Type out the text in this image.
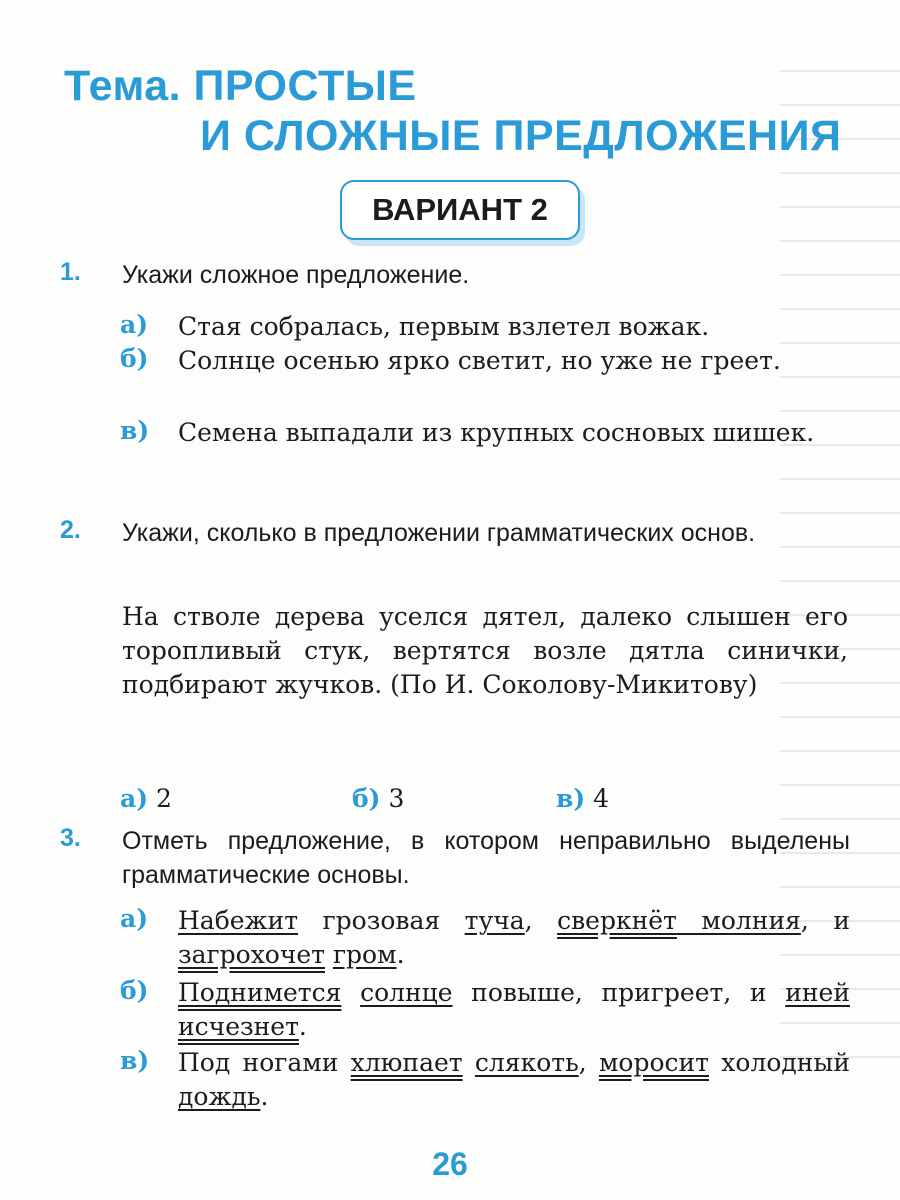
Тема. ПРОСТЫЕ
И СЛОЖНЫЕ ПРЕДЛОЖЕНИЯ
ВАРИАНТ 2
1. Укажи сложное предложение.
а) Стая собралась, первым взлетел вожак.
б) Солнце осенью ярко светит, но уже не греет.
в) Семена выпадали из крупных сосновых шишек.
2. Укажи, сколько в предложении грамматических основ.
На стволе дерева уселся дятел, далеко слышен его торопливый стук, вертятся возле дятла синички, подбирают жучков. (По И. Соколову-Микитову)
а) 2	б) 3	в) 4
3. Отметь предложение, в котором неправильно выделены грамматические основы.
а) Набежит грозовая туча, сверкнёт молния, и загрохочет гром.
б) Поднимется солнце повыше, пригреет, и иней исчезнет.
в) Под ногами хлюпает слякоть, моросит холодный дождь.
26
